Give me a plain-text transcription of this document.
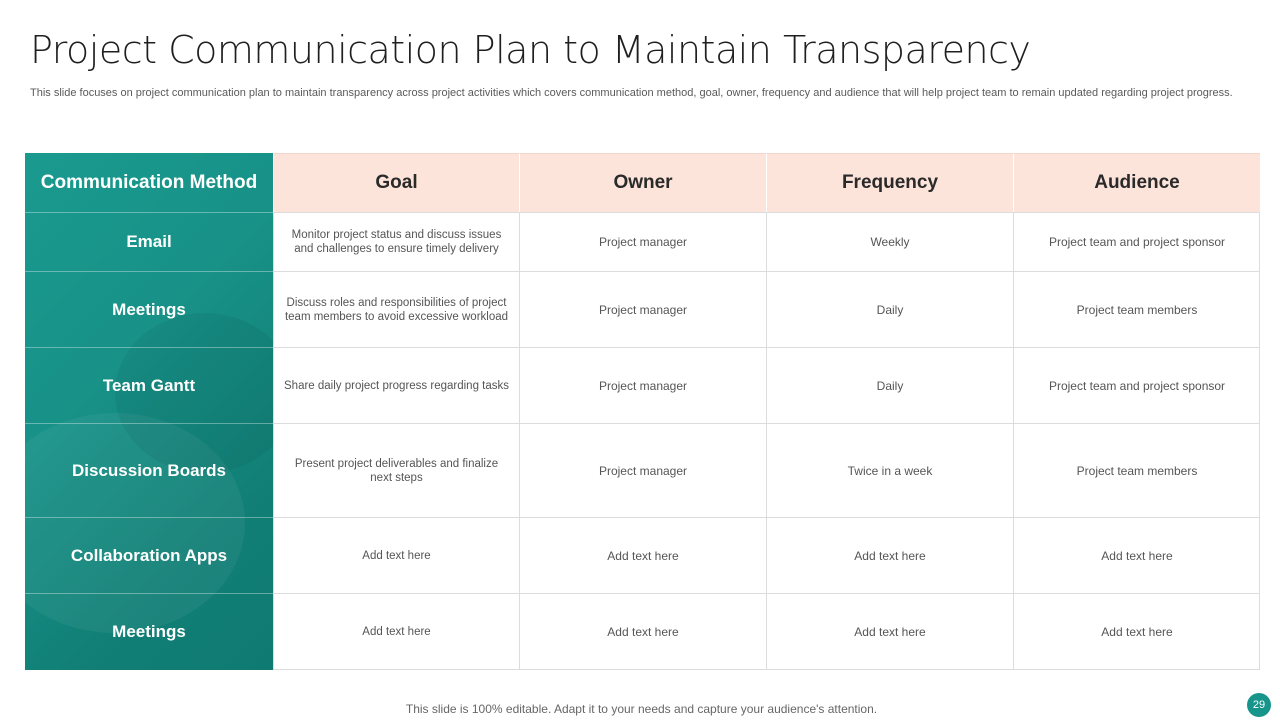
Project Communication Plan to Maintain Transparency
This slide focuses on project communication plan to maintain transparency across project activities which covers communication method, goal, owner, frequency and audience that will help project team to remain updated regarding project progress.
Communication Method	Goal	Owner	Frequency	Audience
Email	Monitor project status and discuss issues and challenges to ensure timely delivery	Project manager	Weekly	Project team and project sponsor
Meetings	Discuss roles and responsibilities of project team members to avoid excessive workload	Project manager	Daily	Project team members
Team Gantt	Share daily project progress regarding tasks	Project manager	Daily	Project team and project sponsor
Discussion Boards	Present project deliverables and finalize next steps	Project manager	Twice in a week	Project team members
Collaboration Apps	Add text here	Add text here	Add text here	Add text here
Meetings	Add text here	Add text here	Add text here	Add text here
This slide is 100% editable. Adapt it to your needs and capture your audience's attention.	29
